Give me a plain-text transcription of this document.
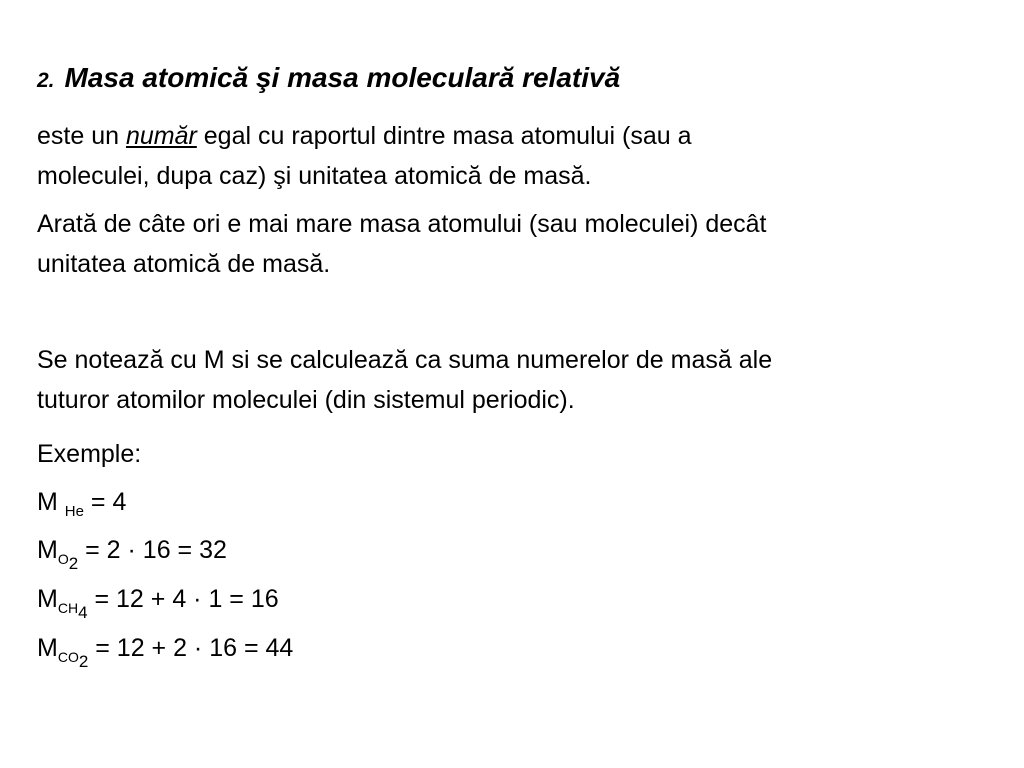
2. Masa atomică şi masa moleculară relativă
este un număr egal cu raportul dintre masa atomului (sau a
moleculei, dupa caz) şi unitatea atomică de masă.
Arată de câte ori e mai mare masa atomului (sau moleculei) decât
unitatea atomică de masă.
Se notează cu M si se calculează ca suma numerelor de masă ale
tuturor atomilor moleculei (din sistemul periodic).
Exemple:
M $_{He}$ = 4
$M_{O2} = 2 \cdot 16 = 32$
$M_{CH4} = 12 + 4 \cdot 1 = 16$
$M_{CO2} = 12 + 2 \cdot 16 = 44$
